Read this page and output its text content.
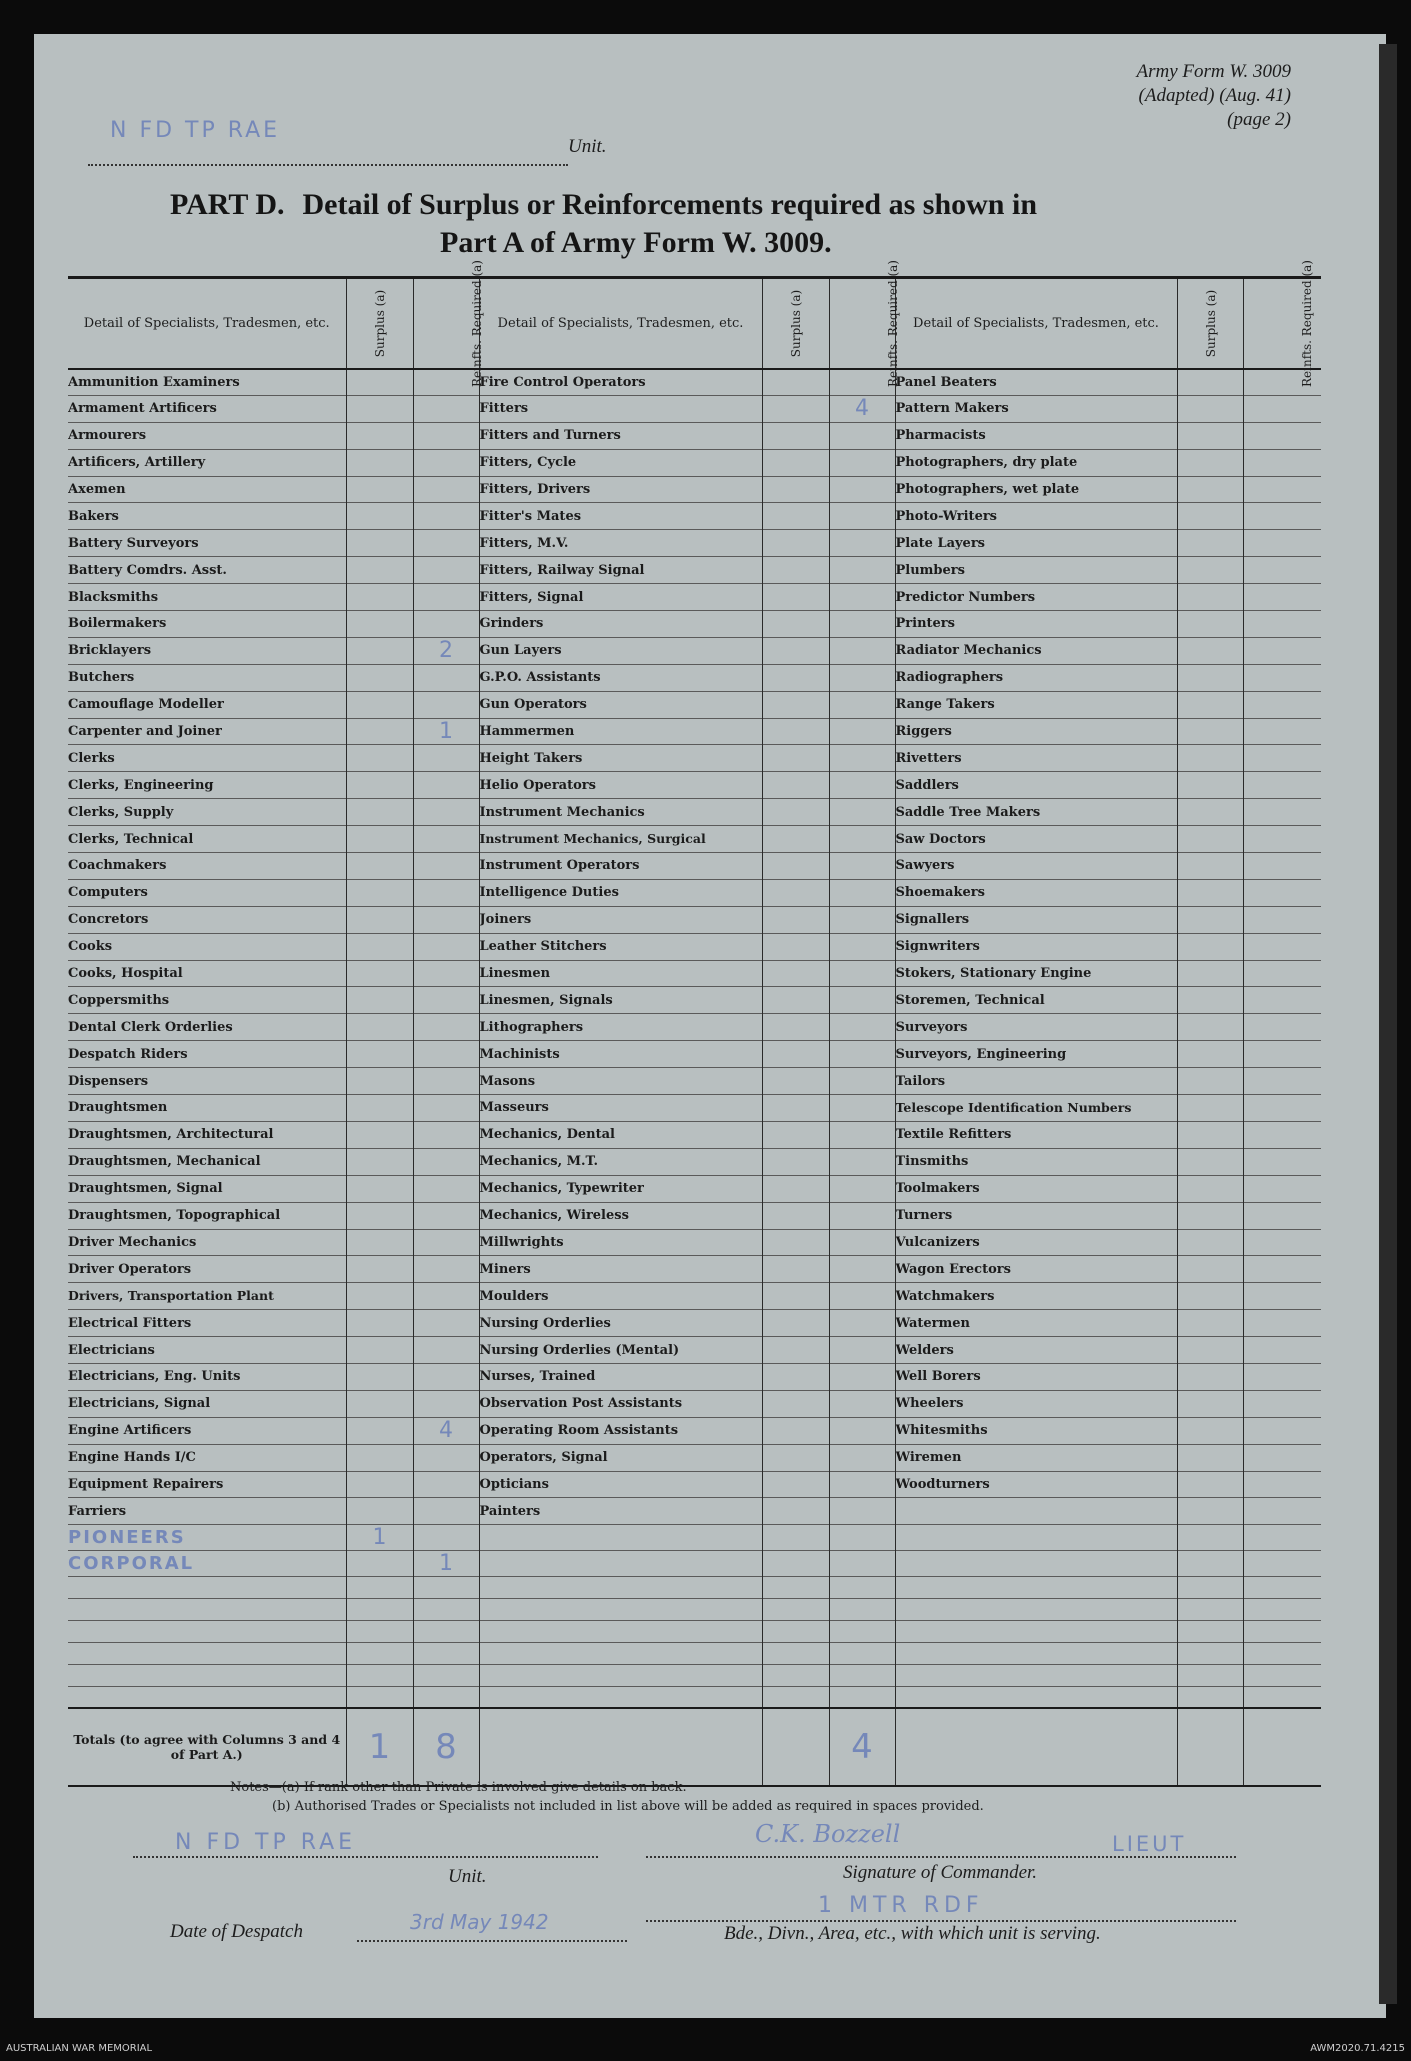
Army Form W. 3009
(Adapted) (Aug. 41)
(page 2)
N FD TP RAE
Unit.
PART D. Detail of Surplus or Reinforcements required as shown in
Part A of Army Form W. 3009.
Detail of Specialists, Tradesmen, etc.	Surplus (a)	Reinfts. Required (a)	Detail of Specialists, Tradesmen, etc.	Surplus (a)	Reinfts. Required (a)	Detail of Specialists, Tradesmen, etc.	Surplus (a)	Reinfts. Required (a)
Ammunition Examiners			Fire Control Operators			Panel Beaters		
Armament Artificers			Fitters		4	Pattern Makers		
Armourers			Fitters and Turners			Pharmacists		
Artificers, Artillery			Fitters, Cycle			Photographers, dry plate		
Axemen			Fitters, Drivers			Photographers, wet plate		
Bakers			Fitter's Mates			Photo-Writers		
Battery Surveyors			Fitters, M.V.			Plate Layers		
Battery Comdrs. Asst.			Fitters, Railway Signal			Plumbers		
Blacksmiths			Fitters, Signal			Predictor Numbers		
Boilermakers			Grinders			Printers		
Bricklayers		2	Gun Layers			Radiator Mechanics		
Butchers			G.P.O. Assistants			Radiographers		
Camouflage Modeller			Gun Operators			Range Takers		
Carpenter and Joiner		1	Hammermen			Riggers		
Clerks			Height Takers			Rivetters		
Clerks, Engineering			Helio Operators			Saddlers		
Clerks, Supply			Instrument Mechanics			Saddle Tree Makers		
Clerks, Technical			Instrument Mechanics, Surgical			Saw Doctors		
Coachmakers			Instrument Operators			Sawyers		
Computers			Intelligence Duties			Shoemakers		
Concretors			Joiners			Signallers		
Cooks			Leather Stitchers			Signwriters		
Cooks, Hospital			Linesmen			Stokers, Stationary Engine		
Coppersmiths			Linesmen, Signals			Storemen, Technical		
Dental Clerk Orderlies			Lithographers			Surveyors		
Despatch Riders			Machinists			Surveyors, Engineering		
Dispensers			Masons			Tailors		
Draughtsmen			Masseurs			Telescope Identification Numbers		
Draughtsmen, Architectural			Mechanics, Dental			Textile Refitters		
Draughtsmen, Mechanical			Mechanics, M.T.			Tinsmiths		
Draughtsmen, Signal			Mechanics, Typewriter			Toolmakers		
Draughtsmen, Topographical			Mechanics, Wireless			Turners		
Driver Mechanics			Millwrights			Vulcanizers		
Driver Operators			Miners			Wagon Erectors		
Drivers, Transportation Plant			Moulders			Watchmakers		
Electrical Fitters			Nursing Orderlies			Watermen		
Electricians			Nursing Orderlies (Mental)			Welders		
Electricians, Eng. Units			Nurses, Trained			Well Borers		
Electricians, Signal			Observation Post Assistants			Wheelers		
Engine Artificers		4	Operating Room Assistants			Whitesmiths		
Engine Hands I/C			Operators, Signal			Wiremen		
Equipment Repairers			Opticians			Woodturners		
Farriers			Painters					
PIONEERS	1							
CORPORAL		1						

Totals (to agree with Columns 3 and 4 of Part A.)	1	8			4			
Notes—(a) If rank other than Private is involved give details on back.
(b) Authorised Trades or Specialists not included in list above will be added as required in spaces provided.
N FD TP RAE
Unit.
C.K. Bozzell	LIEUT
Signature of Commander.
1 MTR RDF
Bde., Divn., Area, etc., with which unit is serving.
Date of Despatch	3rd May 1942
AUSTRALIAN WAR MEMORIAL	AWM2020.71.4215
